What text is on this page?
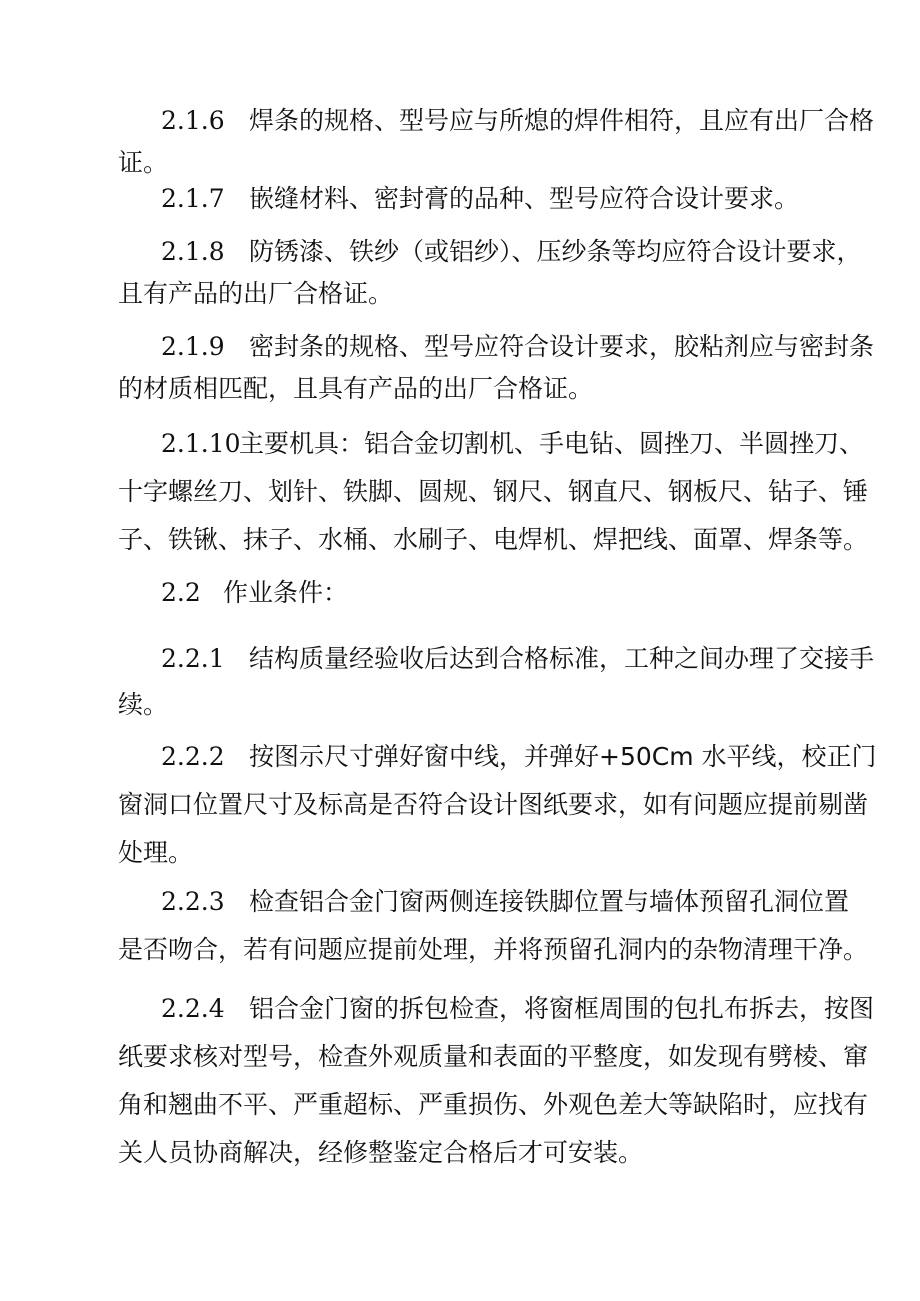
2.1.6 焊条的规格、型号应与所熄的焊件相符，且应有出厂合格
证。
2.1.7 嵌缝材料、密封膏的品种、型号应符合设计要求。
2.1.8 防锈漆、铁纱（或铝纱）、压纱条等均应符合设计要求，
且有产品的出厂合格证。
2.1.9 密封条的规格、型号应符合设计要求，胶粘剂应与密封条
的材质相匹配，且具有产品的出厂合格证。
2.1.10主要机具：铝合金切割机、手电钻、圆挫刀、半圆挫刀、
十字螺丝刀、划针、铁脚、圆规、钢尺、钢直尺、钢板尺、钻子、锤
子、铁锹、抹子、水桶、水刷子、电焊机、焊把线、面罩、焊条等。
2.2 作业条件：
2.2.1 结构质量经验收后达到合格标准，工种之间办理了交接手
续。
2.2.2 按图示尺寸弹好窗中线，并弹好+50Cm 水平线，校正门
窗洞口位置尺寸及标高是否符合设计图纸要求，如有问题应提前剔凿
处理。
2.2.3 检查铝合金门窗两侧连接铁脚位置与墙体预留孔洞位置
是否吻合，若有问题应提前处理，并将预留孔洞内的杂物清理干净。
2.2.4 铝合金门窗的拆包检查，将窗框周围的包扎布拆去，按图
纸要求核对型号，检查外观质量和表面的平整度，如发现有劈棱、窜
角和翘曲不平、严重超标、严重损伤、外观色差大等缺陷时，应找有
关人员协商解决，经修整鉴定合格后才可安装。
